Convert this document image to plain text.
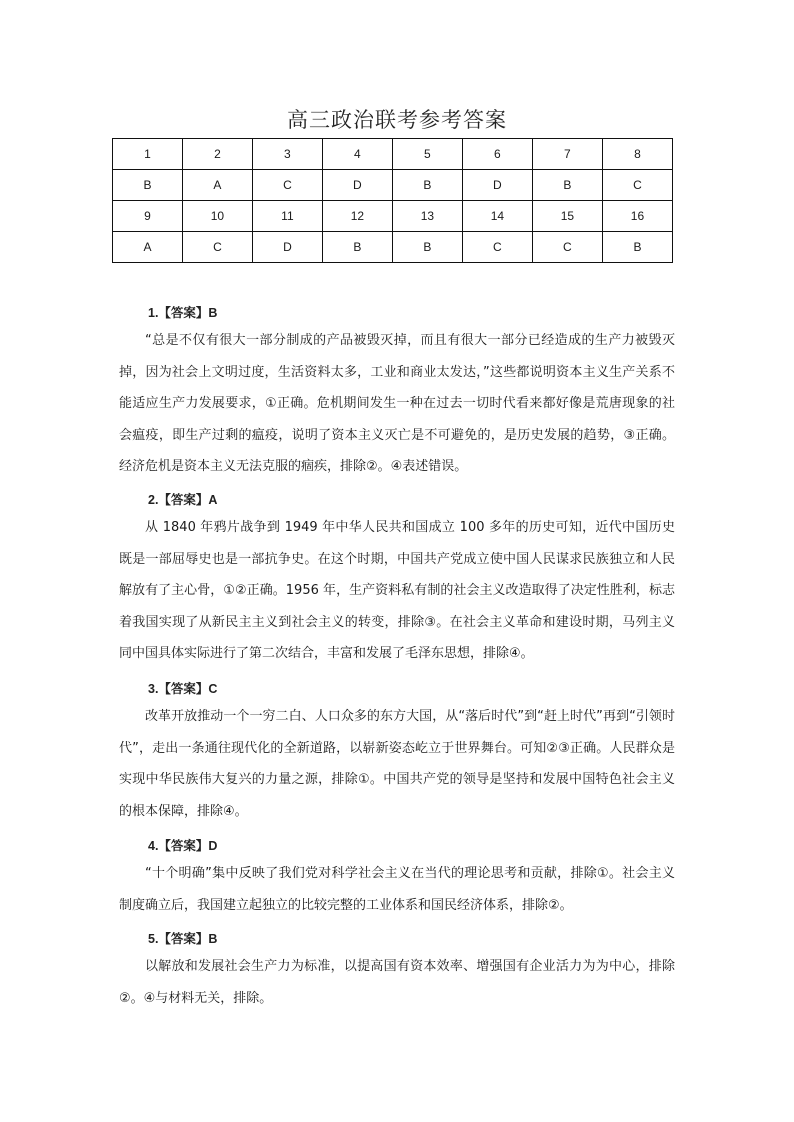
高三政治联考参考答案
1	2	3	4	5	6	7	8
B	A	C	D	B	D	B	C
9	10	11	12	13	14	15	16
A	C	D	B	B	C	C	B
1.【答案】B
“总是不仅有很大一部分制成的产品被毁灭掉，而且有很大一部分已经造成的生产力被毁灭掉，因为社会上文明过度，生活资料太多，工业和商业太发达，”这些都说明资本主义生产关系不能适应生产力发展要求，①正确。危机期间发生一种在过去一切时代看来都好像是荒唐现象的社会瘟疫，即生产过剩的瘟疫，说明了资本主义灭亡是不可避免的，是历史发展的趋势，③正确。经济危机是资本主义无法克服的痼疾，排除②。④表述错误。
2.【答案】A
从 1840 年鸦片战争到 1949 年中华人民共和国成立 100 多年的历史可知，近代中国历史既是一部屈辱史也是一部抗争史。在这个时期，中国共产党成立使中国人民谋求民族独立和人民解放有了主心骨，①②正确。1956 年，生产资料私有制的社会主义改造取得了决定性胜利，标志着我国实现了从新民主主义到社会主义的转变，排除③。在社会主义革命和建设时期，马列主义同中国具体实际进行了第二次结合，丰富和发展了毛泽东思想，排除④。
3.【答案】C
改革开放推动一个一穷二白、人口众多的东方大国，从“落后时代”到“赶上时代”再到“引领时代”，走出一条通往现代化的全新道路，以崭新姿态屹立于世界舞台。可知②③正确。人民群众是实现中华民族伟大复兴的力量之源，排除①。中国共产党的领导是坚持和发展中国特色社会主义的根本保障，排除④。
4.【答案】D
“十个明确”集中反映了我们党对科学社会主义在当代的理论思考和贡献，排除①。社会主义制度确立后，我国建立起独立的比较完整的工业体系和国民经济体系，排除②。
5.【答案】B
以解放和发展社会生产力为标准，以提高国有资本效率、增强国有企业活力为为中心，排除②。④与材料无关，排除。
